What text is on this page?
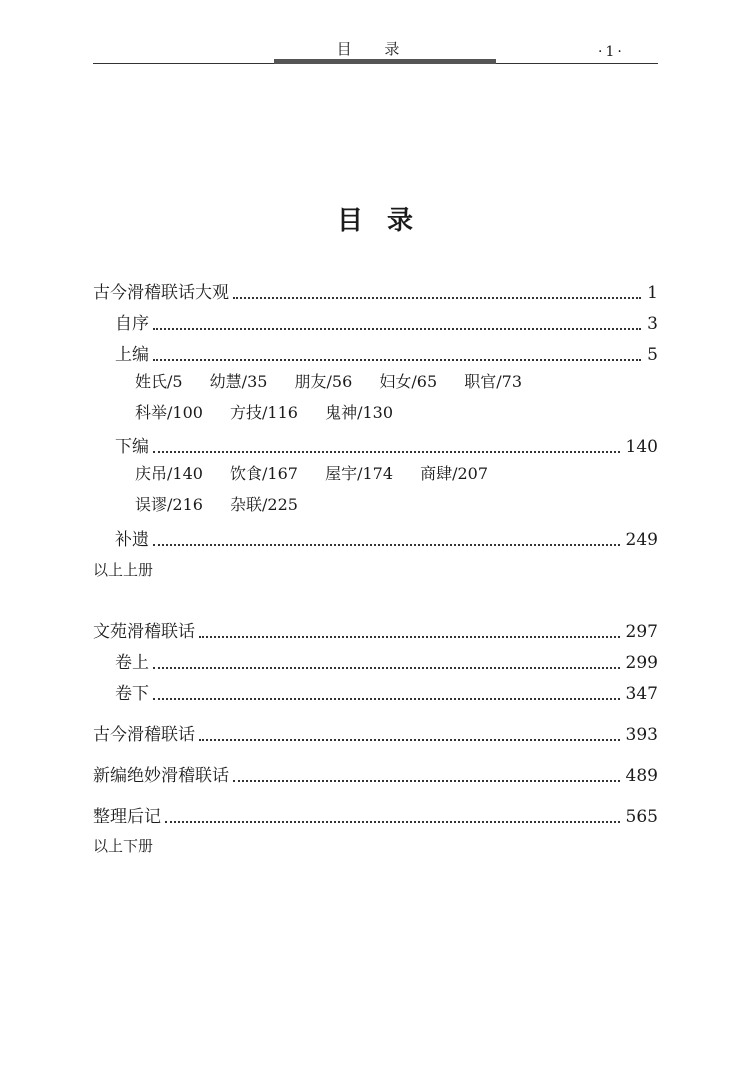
目 录	·1·
目录
古今滑稽联话大观	1
自序	3
上编	5
姓氏/5 幼慧/35 朋友/56 妇女/65 职官/73
科举/100 方技/116 鬼神/130
下编	140
庆吊/140 饮食/167 屋宇/174 商肆/207
误谬/216 杂联/225
补遗	249
以上上册
文苑滑稽联话	297
卷上	299
卷下	347
古今滑稽联话	393
新编绝妙滑稽联话	489
整理后记	565
以上下册
